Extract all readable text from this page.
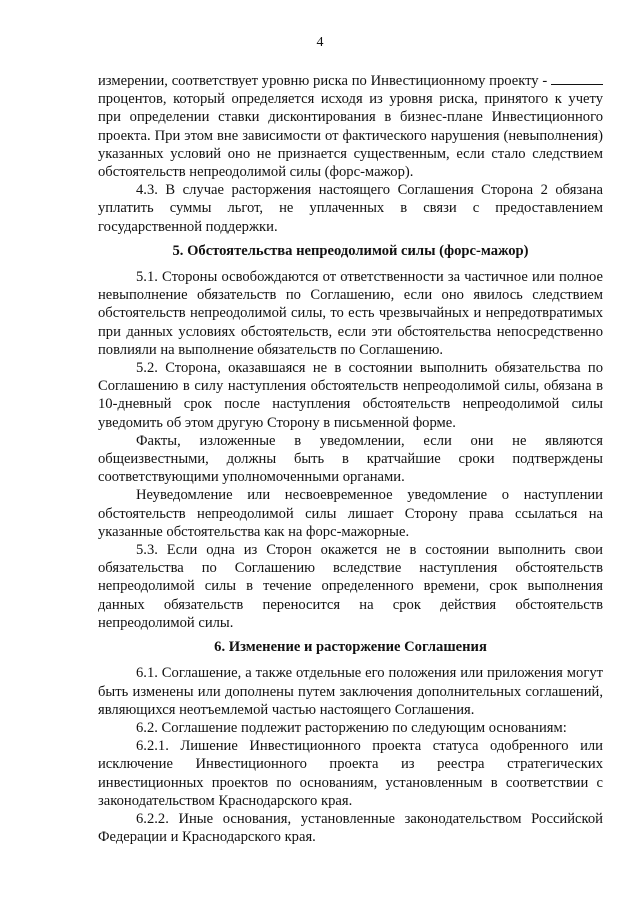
4

измерении, соответствует уровню риска по Инвестиционному проекту -  процентов, который определяется исходя из уровня риска, принятого к учету при определении ставки дисконтирования в бизнес-плане Инвестиционного проекта. При этом вне зависимости от фактического нарушения (невыполнения) указанных условий оно не признается существенным, если стало следствием обстоятельств непреодолимой силы (форс-мажор).

4.3. В случае расторжения настоящего Соглашения Сторона 2 обязана уплатить суммы льгот, не уплаченных в связи с предоставлением государственной поддержки.

5. Обстоятельства непреодолимой силы (форс-мажор)

5.1. Стороны освобождаются от ответственности за частичное или полное невыполнение обязательств по Соглашению, если оно явилось следствием обстоятельств непреодолимой силы, то есть чрезвычайных и непредотвратимых при данных условиях обстоятельств, если эти обстоятельства непосредственно повлияли на выполнение обязательств по Соглашению.

5.2. Сторона, оказавшаяся не в состоянии выполнить обязательства по Соглашению в силу наступления обстоятельств непреодолимой силы, обязана в 10-дневный срок после наступления обстоятельств непреодолимой силы уведомить об этом другую Сторону в письменной форме.

Факты, изложенные в уведомлении, если они не являются общеизвестными, должны быть в кратчайшие сроки подтверждены соответствующими уполномоченными органами.

Неуведомление или несвоевременное уведомление о наступлении обстоятельств непреодолимой силы лишает Сторону права ссылаться на указанные обстоятельства как на форс-мажорные.

5.3. Если одна из Сторон окажется не в состоянии выполнить свои обязательства по Соглашению вследствие наступления обстоятельств непреодолимой силы в течение определенного времени, срок выполнения данных обязательств переносится на срок действия обстоятельств непреодолимой силы.

6. Изменение и расторжение Соглашения

6.1. Соглашение, а также отдельные его положения или приложения могут быть изменены или дополнены путем заключения дополнительных соглашений, являющихся неотъемлемой частью настоящего Соглашения.

6.2. Соглашение подлежит расторжению по следующим основаниям:

6.2.1. Лишение Инвестиционного проекта статуса одобренного или исключение Инвестиционного проекта из реестра стратегических инвестиционных проектов по основаниям, установленным в соответствии с законодательством Краснодарского края.

6.2.2. Иные основания, установленные законодательством Российской Федерации и Краснодарского края.
